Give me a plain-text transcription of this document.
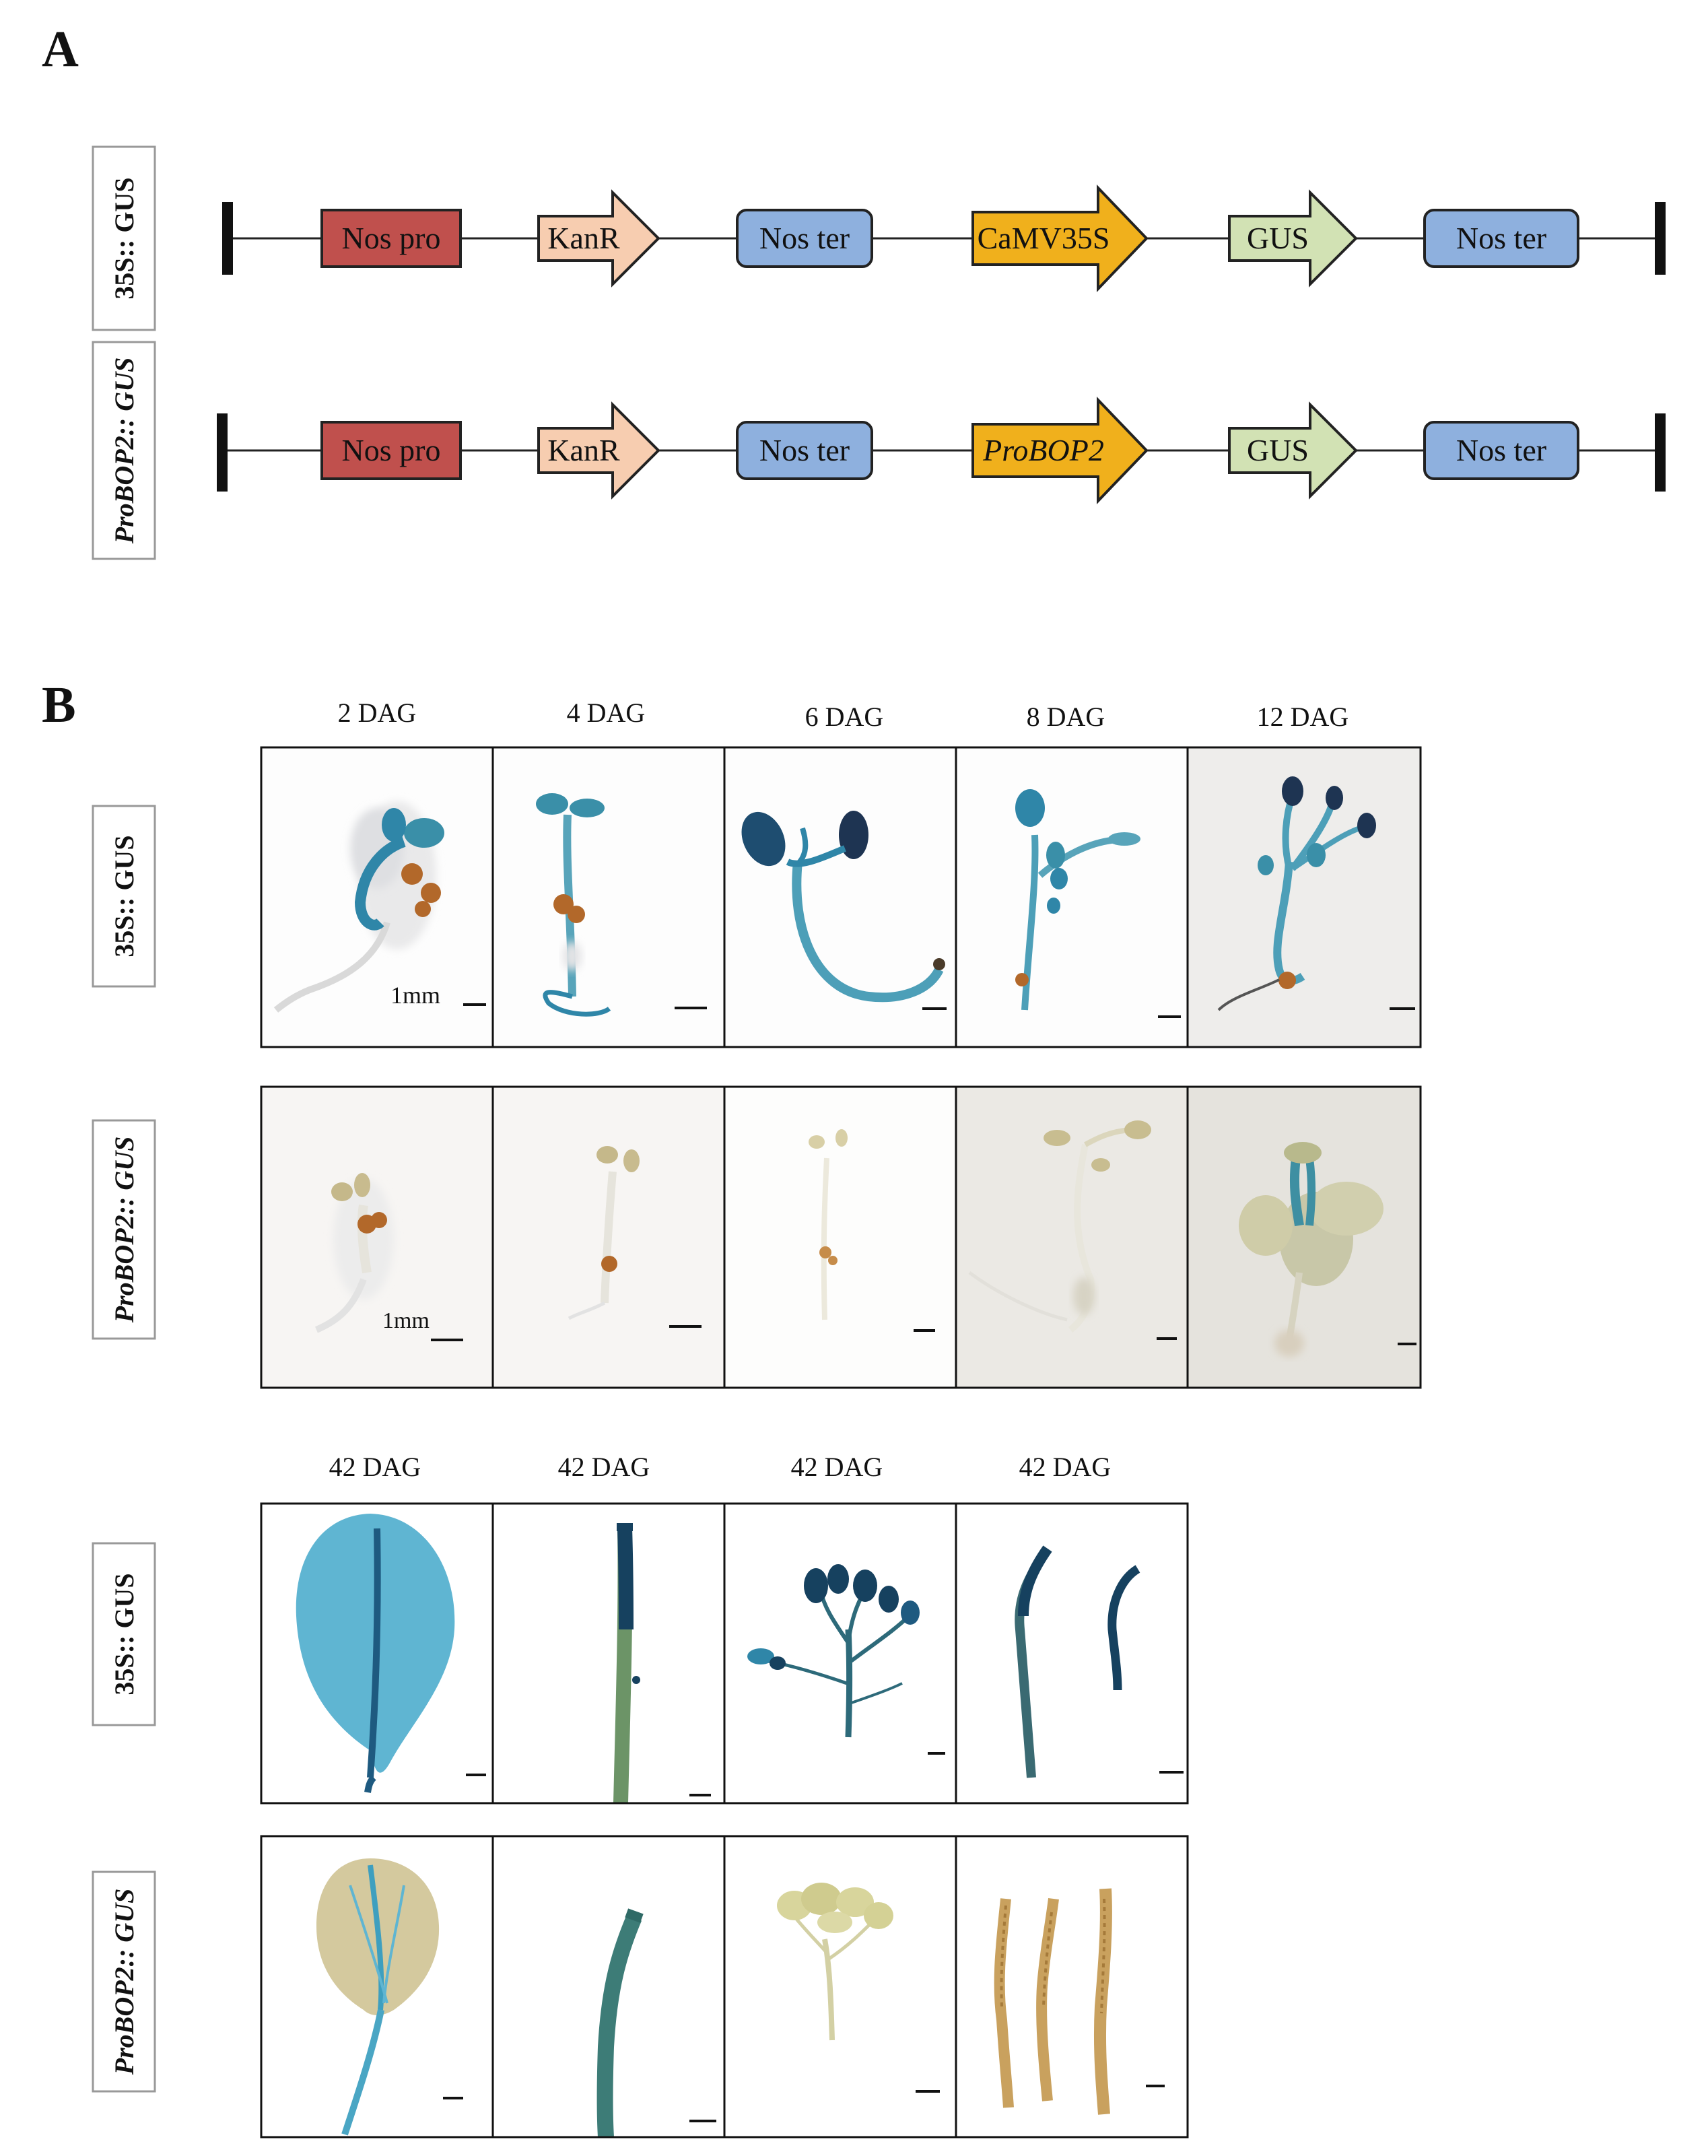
A
35S:: GUS
ProBOP2:: GUS
Nos pro	KanR	Nos ter	CaMV35S	GUS	Nos ter
Nos pro	KanR	Nos ter	ProBOP2	GUS	Nos ter
B	2 DAG	4 DAG	6 DAG	8 DAG	12 DAG
42 DAG	42 DAG	42 DAG	42 DAG
35S:: GUS
ProBOP2:: GUS
35S:: GUS
ProBOP2:: GUS
1mm
1mm
